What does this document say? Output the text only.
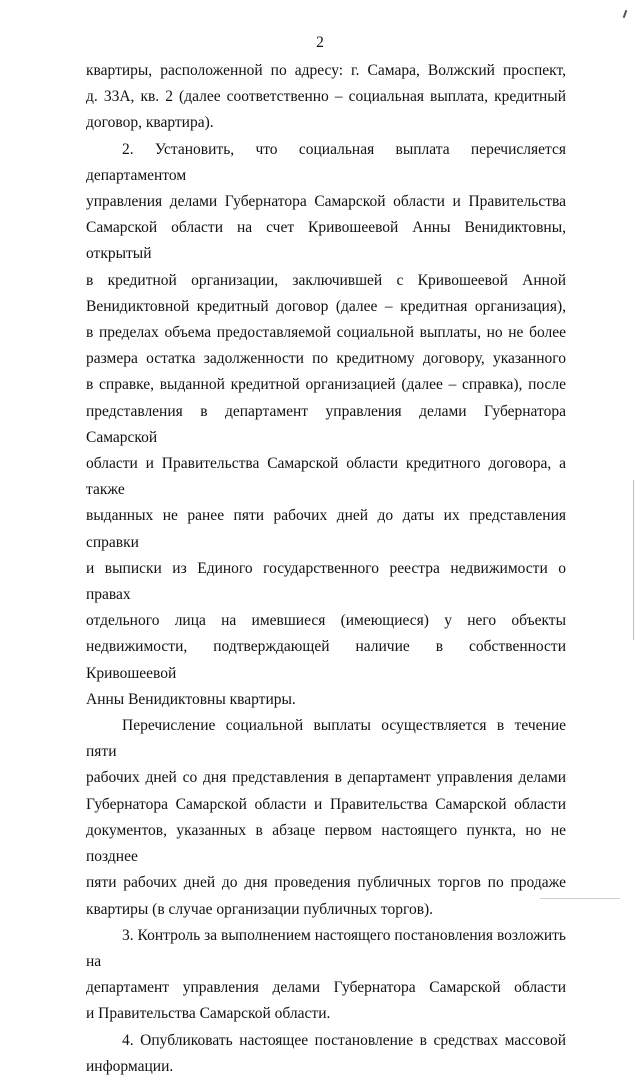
2

квартиры, расположенной по адресу: г. Самара, Волжский проспект,
д. 33А, кв. 2 (далее соответственно – социальная выплата, кредитный
договор, квартира).

2. Установить, что социальная выплата перечисляется департаментом
управления делами Губернатора Самарской области и Правительства
Самарской области на счет Кривошеевой Анны Венидиктовны, открытый
в кредитной организации, заключившей с Кривошеевой Анной
Венидиктовной кредитный договор (далее – кредитная организация),
в пределах объема предоставляемой социальной выплаты, но не более
размера остатка задолженности по кредитному договору, указанного
в справке, выданной кредитной организацией (далее – справка), после
представления в департамент управления делами Губернатора Самарской
области и Правительства Самарской области кредитного договора, а также
выданных не ранее пяти рабочих дней до даты их представления справки
и выписки из Единого государственного реестра недвижимости о правах
отдельного лица на имевшиеся (имеющиеся) у него объекты
недвижимости, подтверждающей наличие в собственности Кривошеевой
Анны Венидиктовны квартиры.

Перечисление социальной выплаты осуществляется в течение пяти
рабочих дней со дня представления в департамент управления делами
Губернатора Самарской области и Правительства Самарской области
документов, указанных в абзаце первом настоящего пункта, но не позднее
пяти рабочих дней до дня проведения публичных торгов по продаже
квартиры (в случае организации публичных торгов).

3. Контроль за выполнением настоящего постановления возложить на
департамент управления делами Губернатора Самарской области
и Правительства Самарской области.

4. Опубликовать настоящее постановление в средствах массовой
информации.
